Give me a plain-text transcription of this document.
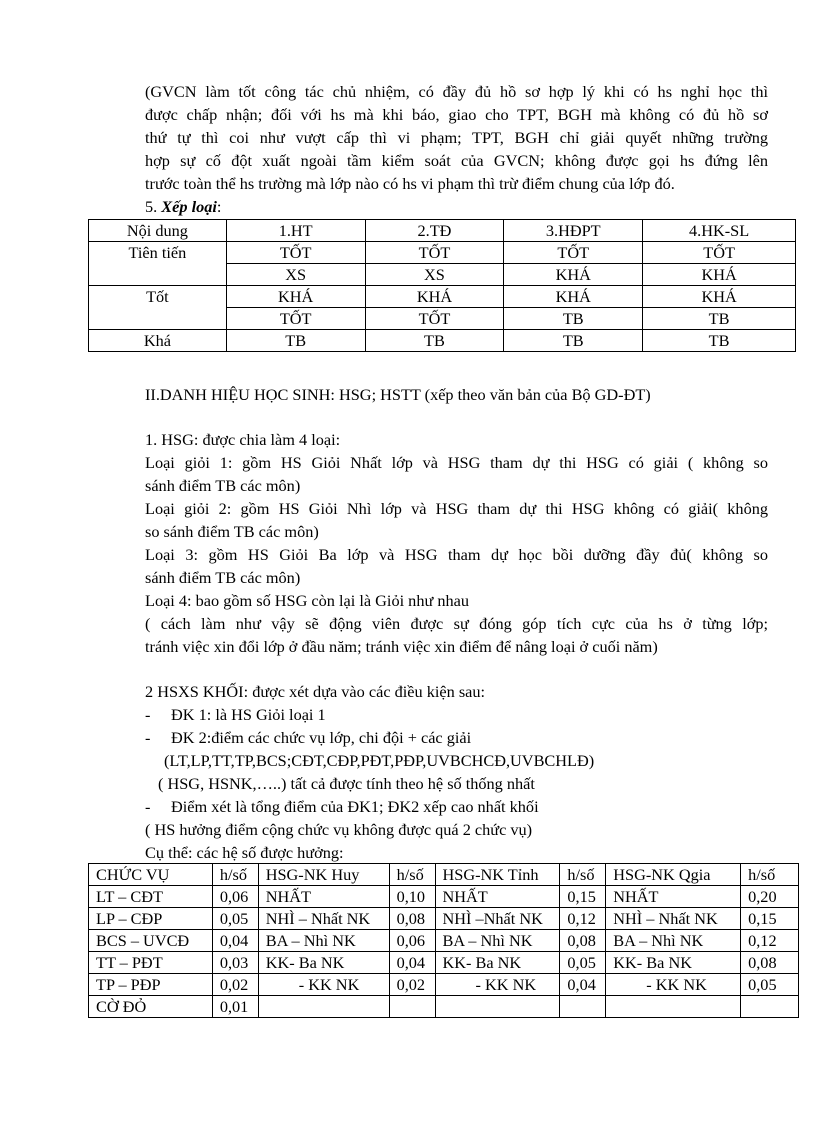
(GVCN làm tốt công tác chủ nhiệm, có đầy đủ hồ sơ hợp lý khi có hs nghỉ học thì
được chấp nhận; đối với hs mà khi báo, giao cho TPT, BGH mà không có đủ hồ sơ
thứ tự thì coi như vượt cấp thì vi phạm; TPT, BGH chỉ giải quyết những trường
hợp sự cố đột xuất ngoài tầm kiểm soát của GVCN; không được gọi hs đứng lên
trước toàn thể hs trường mà lớp nào có hs vi phạm thì trừ điểm chung của lớp đó.
5. Xếp loại:
Nội dung	1.HT	2.TĐ	3.HĐPT	4.HK-SL
Tiên tiến	TỐT	TỐT	TỐT	TỐT
	XS	XS	KHÁ	KHÁ
Tốt	KHÁ	KHÁ	KHÁ	KHÁ
	TỐT	TỐT	TB	TB
Khá	TB	TB	TB	TB
II.DANH HIỆU HỌC SINH: HSG; HSTT (xếp theo văn bản của Bộ GD-ĐT)
1. HSG: được chia làm 4 loại:
Loại giỏi 1: gồm HS Giỏi Nhất lớp và HSG tham dự thi HSG có giải ( không so
sánh điểm TB các môn)
Loại giỏi 2: gồm HS Giỏi Nhì lớp và HSG tham dự thi HSG không có giải( không
so sánh điểm TB các môn)
Loại 3: gồm HS Giỏi Ba lớp và HSG tham dự học bồi dưỡng đầy đủ( không so
sánh điểm TB các môn)
Loại 4: bao gồm số HSG còn lại là Giỏi như nhau
( cách làm như vậy sẽ động viên được sự đóng góp tích cực của hs ở từng lớp;
tránh việc xin đổi lớp ở đầu năm; tránh việc xin điểm để nâng loại ở cuối năm)
2 HSXS KHỐI: được xét dựa vào các điều kiện sau:
- ĐK 1: là HS Giỏi loại 1
- ĐK 2:điểm các chức vụ lớp, chi đội + các giải
(LT,LP,TT,TP,BCS;CĐT,CĐP,PĐT,PĐP,UVBCHCĐ,UVBCHLĐ)
( HSG, HSNK,…..) tất cả được tính theo hệ số thống nhất
- Điểm xét là tổng điểm của ĐK1; ĐK2 xếp cao nhất khối
( HS hưởng điểm cộng chức vụ không được quá 2 chức vụ)
Cụ thể: các hệ số được hưởng:
CHỨC VỤ	h/số	HSG-NK Huy	h/số	HSG-NK Tỉnh	h/số	HSG-NK Qgia	h/số
LT – CĐT	0,06	NHẤT	0,10	NHẤT	0,15	NHẤT	0,20
LP – CĐP	0,05	NHÌ – Nhất NK	0,08	NHÌ –Nhất NK	0,12	NHÌ – Nhất NK	0,15
BCS – UVCĐ	0,04	BA – Nhì NK	0,06	BA – Nhì NK	0,08	BA – Nhì NK	0,12
TT – PĐT	0,03	KK- Ba NK	0,04	KK- Ba NK	0,05	KK- Ba NK	0,08
TP – PĐP	0,02	- KK NK	0,02	- KK NK	0,04	- KK NK	0,05
CỜ ĐỎ	0,01						
